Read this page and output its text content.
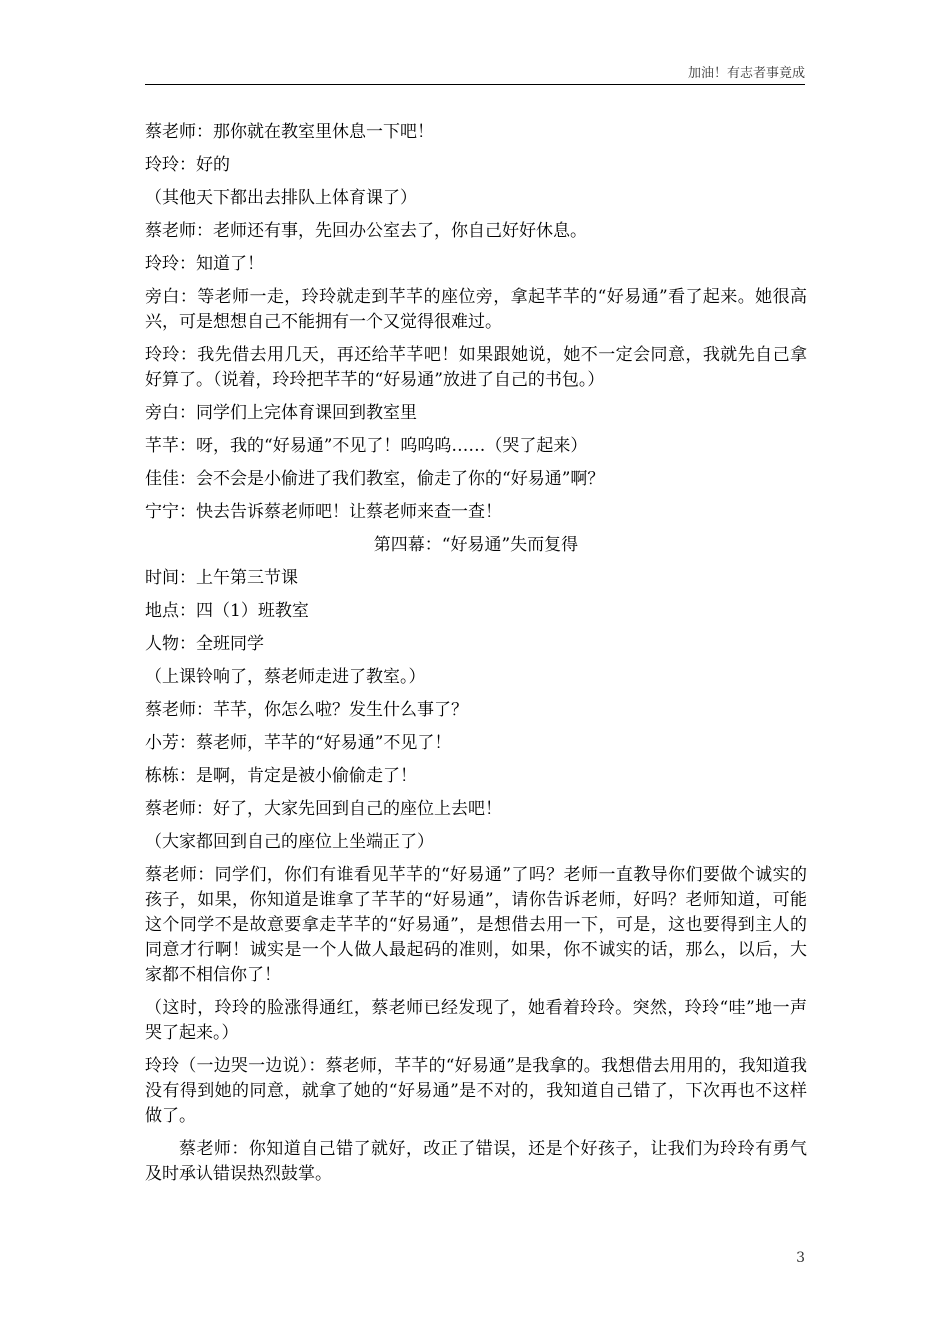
加油！有志者事竟成

蔡老师：那你就在教室里休息一下吧！

玲玲：好的

（其他天下都出去排队上体育课了）

蔡老师：老师还有事，先回办公室去了，你自己好好休息。

玲玲：知道了！

旁白：等老师一走，玲玲就走到芊芊的座位旁，拿起芊芊的“好易通”看了起来。她很高兴，可是想想自己不能拥有一个又觉得很难过。

玲玲：我先借去用几天，再还给芊芊吧！如果跟她说，她不一定会同意，我就先自己拿好算了。（说着，玲玲把芊芊的“好易通”放进了自己的书包。）

旁白：同学们上完体育课回到教室里

芊芊：呀，我的“好易通”不见了！呜呜呜……（哭了起来）

佳佳：会不会是小偷进了我们教室，偷走了你的“好易通”啊？

宁宁：快去告诉蔡老师吧！让蔡老师来查一查！

第四幕：“好易通”失而复得

时间：上午第三节课

地点：四（1）班教室

人物：全班同学

（上课铃响了，蔡老师走进了教室。）

蔡老师：芊芊，你怎么啦？发生什么事了？

小芳：蔡老师，芊芊的“好易通”不见了！

栋栋：是啊，肯定是被小偷偷走了！

蔡老师：好了，大家先回到自己的座位上去吧！

（大家都回到自己的座位上坐端正了）

蔡老师：同学们，你们有谁看见芊芊的“好易通”了吗？老师一直教导你们要做个诚实的孩子，如果，你知道是谁拿了芊芊的“好易通”，请你告诉老师，好吗？老师知道，可能这个同学不是故意要拿走芊芊的“好易通”，是想借去用一下，可是，这也要得到主人的同意才行啊！诚实是一个人做人最起码的准则，如果，你不诚实的话，那么，以后，大家都不相信你了！

（这时，玲玲的脸涨得通红，蔡老师已经发现了，她看着玲玲。突然，玲玲“哇”地一声哭了起来。）

玲玲（一边哭一边说）：蔡老师，芊芊的“好易通”是我拿的。我想借去用用的，我知道我没有得到她的同意，就拿了她的“好易通”是不对的，我知道自己错了，下次再也不这样做了。

蔡老师：你知道自己错了就好，改正了错误，还是个好孩子，让我们为玲玲有勇气及时承认错误热烈鼓掌。

3
